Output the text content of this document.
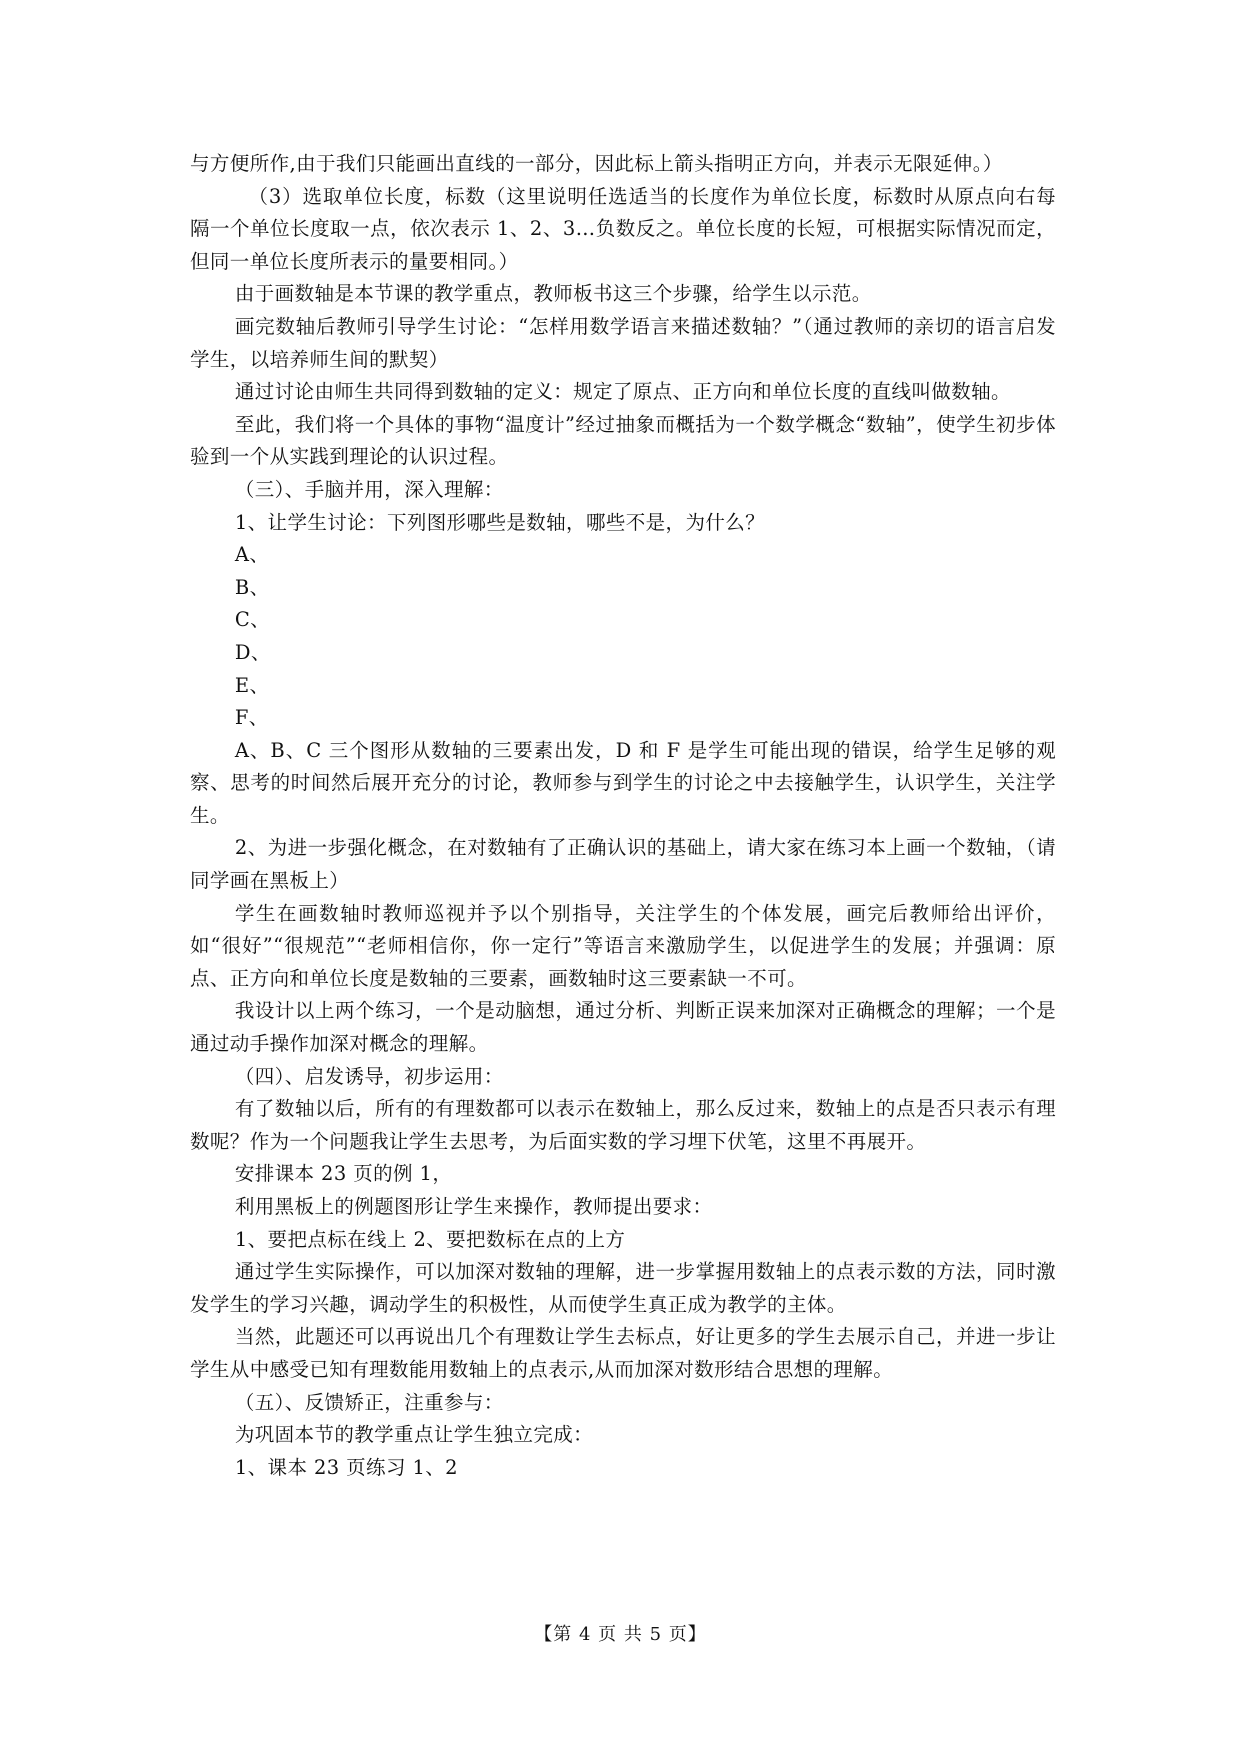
与方便所作,由于我们只能画出直线的一部分，因此标上箭头指明正方向，并表示无限延伸。）

（3）选取单位长度，标数（这里说明任选适当的长度作为单位长度，标数时从原点向右每隔一个单位长度取一点，依次表示 1、2、3…负数反之。单位长度的长短，可根据实际情况而定，但同一单位长度所表示的量要相同。）

由于画数轴是本节课的教学重点，教师板书这三个步骤，给学生以示范。

画完数轴后教师引导学生讨论：“怎样用数学语言来描述数轴？”（通过教师的亲切的语言启发学生，以培养师生间的默契）

通过讨论由师生共同得到数轴的定义：规定了原点、正方向和单位长度的直线叫做数轴。

至此，我们将一个具体的事物“温度计”经过抽象而概括为一个数学概念“数轴”，使学生初步体验到一个从实践到理论的认识过程。

（三）、手脑并用，深入理解：

1、让学生讨论：下列图形哪些是数轴，哪些不是，为什么？

A、

B、

C、

D、

E、

F、

A、B、C 三个图形从数轴的三要素出发，D 和 F 是学生可能出现的错误，给学生足够的观察、思考的时间然后展开充分的讨论，教师参与到学生的讨论之中去接触学生，认识学生，关注学生。

2、为进一步强化概念，在对数轴有了正确认识的基础上，请大家在练习本上画一个数轴，（请同学画在黑板上）

学生在画数轴时教师巡视并予以个别指导，关注学生的个体发展，画完后教师给出评价，如“很好”“很规范”“老师相信你，你一定行”等语言来激励学生，以促进学生的发展；并强调：原点、正方向和单位长度是数轴的三要素，画数轴时这三要素缺一不可。

我设计以上两个练习，一个是动脑想，通过分析、判断正误来加深对正确概念的理解；一个是通过动手操作加深对概念的理解。

（四）、启发诱导，初步运用：

有了数轴以后，所有的有理数都可以表示在数轴上，那么反过来，数轴上的点是否只表示有理数呢？作为一个问题我让学生去思考，为后面实数的学习埋下伏笔，这里不再展开。

安排课本 23 页的例 1，

利用黑板上的例题图形让学生来操作，教师提出要求：

1、要把点标在线上 2、要把数标在点的上方

通过学生实际操作，可以加深对数轴的理解，进一步掌握用数轴上的点表示数的方法，同时激发学生的学习兴趣，调动学生的积极性，从而使学生真正成为教学的主体。

当然，此题还可以再说出几个有理数让学生去标点，好让更多的学生去展示自己，并进一步让学生从中感受已知有理数能用数轴上的点表示,从而加深对数形结合思想的理解。

（五）、反馈矫正，注重参与：

为巩固本节的教学重点让学生独立完成：

1、课本 23 页练习 1、2

【第 4 页 共 5 页】
